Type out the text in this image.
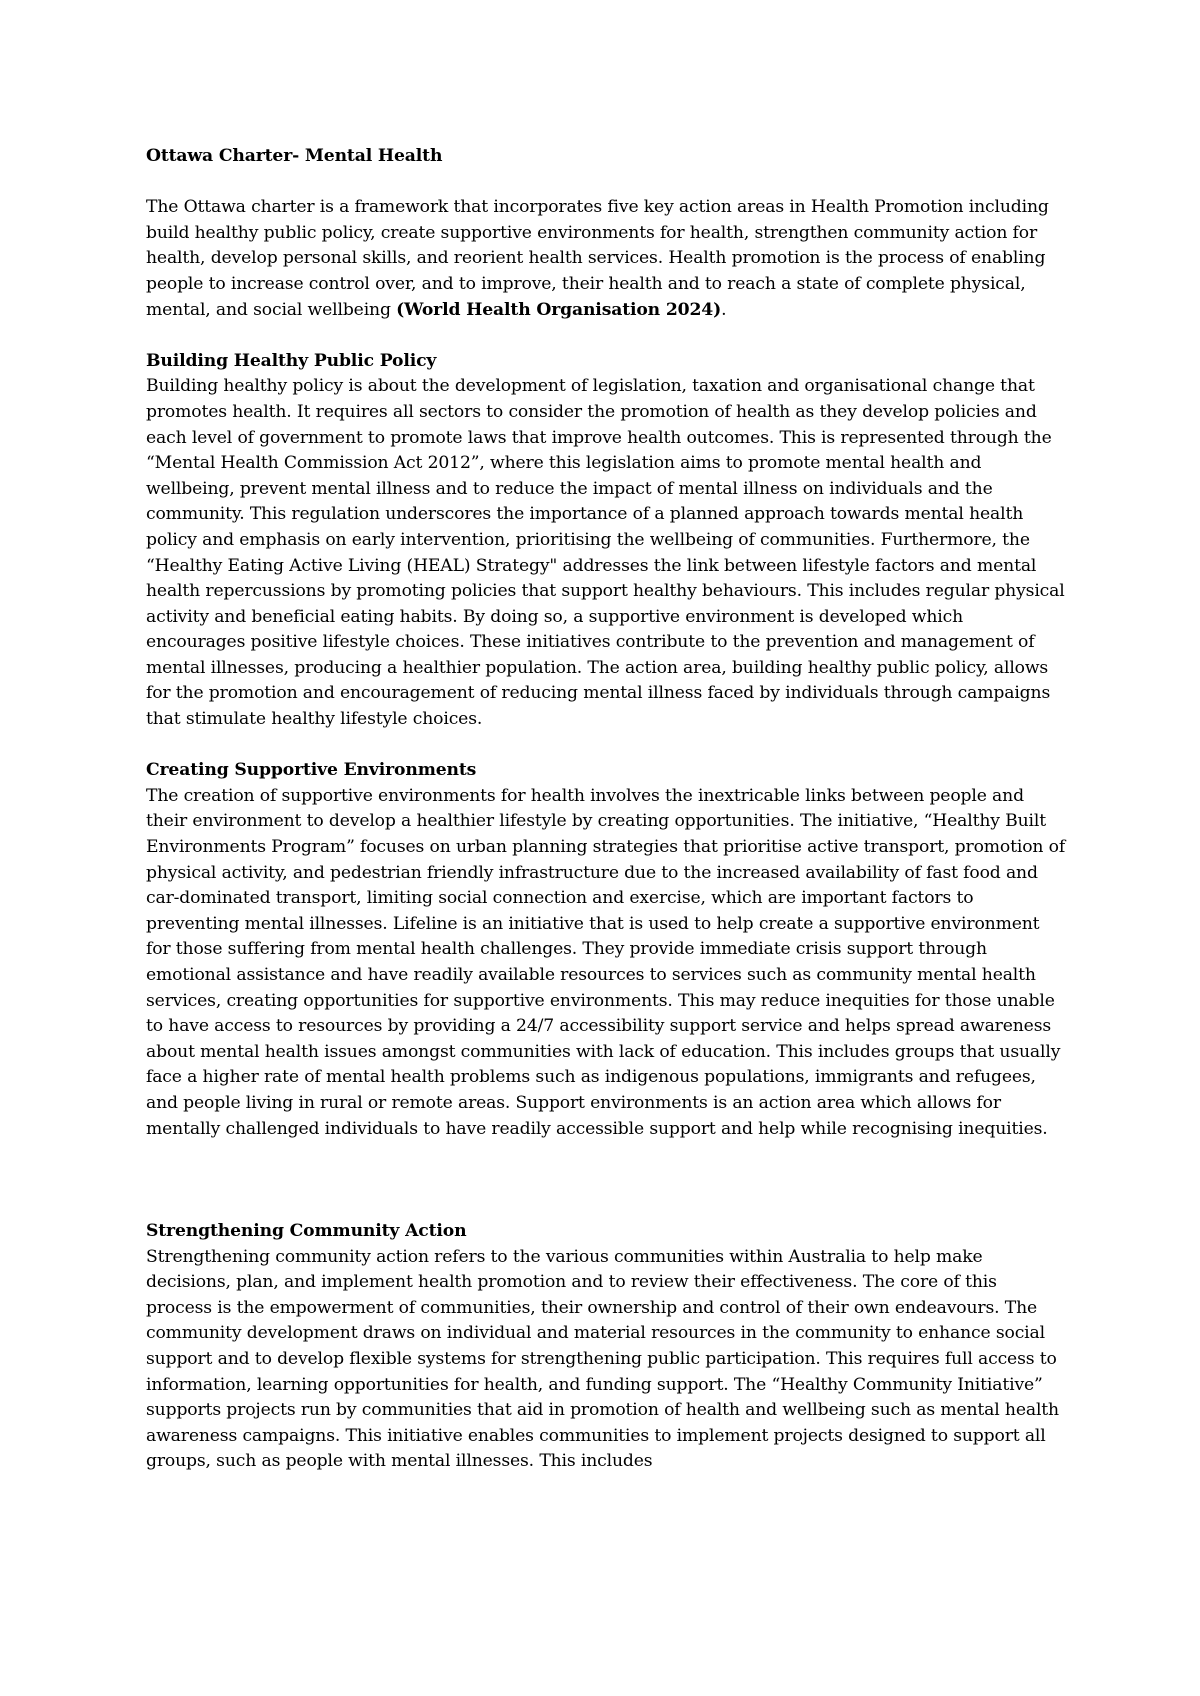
Ottawa Charter- Mental Health

The Ottawa charter is a framework that incorporates five key action areas in Health Promotion including build healthy public policy, create supportive environments for health, strengthen community action for health, develop personal skills, and reorient health services. Health promotion is the process of enabling people to increase control over, and to improve, their health and to reach a state of complete physical, mental, and social wellbeing (World Health Organisation 2024).

Building Healthy Public Policy

Building healthy policy is about the development of legislation, taxation and organisational change that promotes health. It requires all sectors to consider the promotion of health as they develop policies and each level of government to promote laws that improve health outcomes. This is represented through the “Mental Health Commission Act 2012”, where this legislation aims to promote mental health and wellbeing, prevent mental illness and to reduce the impact of mental illness on individuals and the community. This regulation underscores the importance of a planned approach towards mental health policy and emphasis on early intervention, prioritising the wellbeing of communities. Furthermore, the “Healthy Eating Active Living (HEAL) Strategy" addresses the link between lifestyle factors and mental health repercussions by promoting policies that support healthy behaviours. This includes regular physical activity and beneficial eating habits. By doing so, a supportive environment is developed which encourages positive lifestyle choices. These initiatives contribute to the prevention and management of mental illnesses, producing a healthier population. The action area, building healthy public policy, allows for the promotion and encouragement of reducing mental illness faced by individuals through campaigns that stimulate healthy lifestyle choices.

Creating Supportive Environments

The creation of supportive environments for health involves the inextricable links between people and their environment to develop a healthier lifestyle by creating opportunities. The initiative, “Healthy Built Environments Program” focuses on urban planning strategies that prioritise active transport, promotion of physical activity, and pedestrian friendly infrastructure due to the increased availability of fast food and car-dominated transport, limiting social connection and exercise, which are important factors to preventing mental illnesses. Lifeline is an initiative that is used to help create a supportive environment for those suffering from mental health challenges. They provide immediate crisis support through emotional assistance and have readily available resources to services such as community mental health services, creating opportunities for supportive environments. This may reduce inequities for those unable to have access to resources by providing a 24/7 accessibility support service and helps spread awareness about mental health issues amongst communities with lack of education. This includes groups that usually face a higher rate of mental health problems such as indigenous populations, immigrants and refugees, and people living in rural or remote areas. Support environments is an action area which allows for mentally challenged individuals to have readily accessible support and help while recognising inequities.

Strengthening Community Action

Strengthening community action refers to the various communities within Australia to help make decisions, plan, and implement health promotion and to review their effectiveness. The core of this process is the empowerment of communities, their ownership and control of their own endeavours. The community development draws on individual and material resources in the community to enhance social support and to develop flexible systems for strengthening public participation. This requires full access to information, learning opportunities for health, and funding support. The “Healthy Community Initiative” supports projects run by communities that aid in promotion of health and wellbeing such as mental health awareness campaigns. This initiative enables communities to implement projects designed to support all groups, such as people with mental illnesses. This includes
